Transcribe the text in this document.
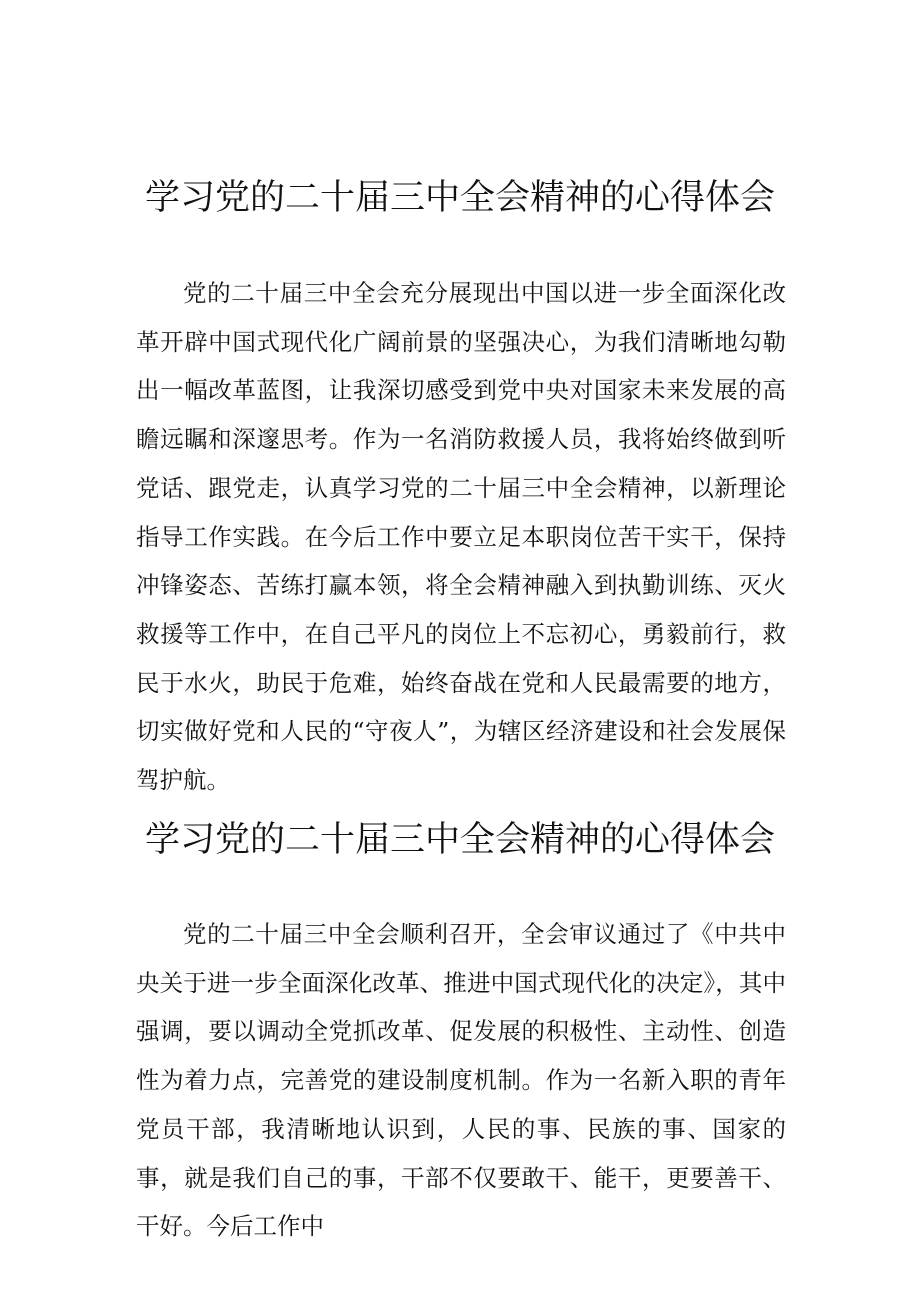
学习党的二十届三中全会精神的心得体会

党的二十届三中全会充分展现出中国以进一步全面深化改革开辟中国式现代化广阔前景的坚强决心，为我们清晰地勾勒出一幅改革蓝图，让我深切感受到党中央对国家未来发展的高瞻远瞩和深邃思考。作为一名消防救援人员，我将始终做到听党话、跟党走，认真学习党的二十届三中全会精神，以新理论指导工作实践。在今后工作中要立足本职岗位苦干实干，保持冲锋姿态、苦练打赢本领，将全会精神融入到执勤训练、灭火救援等工作中，在自己平凡的岗位上不忘初心，勇毅前行，救民于水火，助民于危难，始终奋战在党和人民最需要的地方，切实做好党和人民的“守夜人”，为辖区经济建设和社会发展保驾护航。

学习党的二十届三中全会精神的心得体会

党的二十届三中全会顺利召开，全会审议通过了《中共中央关于进一步全面深化改革、推进中国式现代化的决定》，其中强调，要以调动全党抓改革、促发展的积极性、主动性、创造性为着力点，完善党的建设制度机制。作为一名新入职的青年党员干部，我清晰地认识到，人民的事、民族的事、国家的事，就是我们自己的事，干部不仅要敢干、能干，更要善干、干好。今后工作中
